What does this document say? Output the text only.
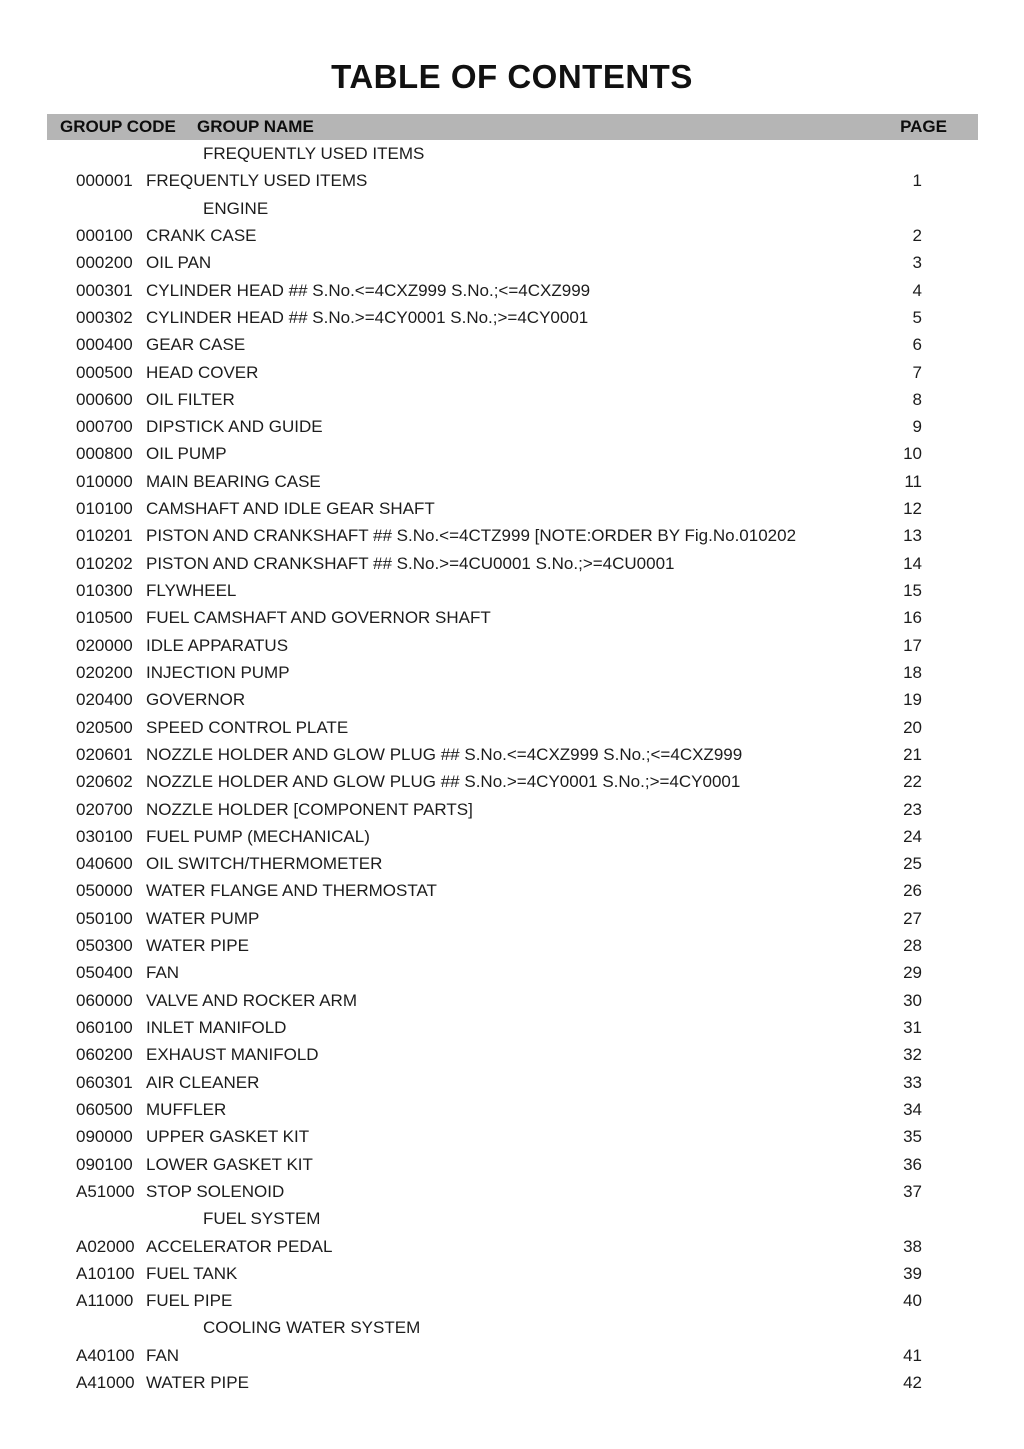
TABLE OF CONTENTS
GROUP CODE GROUP NAME	PAGE
FREQUENTLY USED ITEMS
000001 FREQUENTLY USED ITEMS	1
ENGINE
000100 CRANK CASE	2
000200 OIL PAN	3
000301 CYLINDER HEAD ## S.No.<=4CXZ999 S.No.;<=4CXZ999	4
000302 CYLINDER HEAD ## S.No.>=4CY0001 S.No.;>=4CY0001	5
000400 GEAR CASE	6
000500 HEAD COVER	7
000600 OIL FILTER	8
000700 DIPSTICK AND GUIDE	9
000800 OIL PUMP	10
010000 MAIN BEARING CASE	11
010100 CAMSHAFT AND IDLE GEAR SHAFT	12
010201 PISTON AND CRANKSHAFT ## S.No.<=4CTZ999 [NOTE:ORDER BY Fig.No.010202	13
010202 PISTON AND CRANKSHAFT ## S.No.>=4CU0001 S.No.;>=4CU0001	14
010300 FLYWHEEL	15
010500 FUEL CAMSHAFT AND GOVERNOR SHAFT	16
020000 IDLE APPARATUS	17
020200 INJECTION PUMP	18
020400 GOVERNOR	19
020500 SPEED CONTROL PLATE	20
020601 NOZZLE HOLDER AND GLOW PLUG ## S.No.<=4CXZ999 S.No.;<=4CXZ999	21
020602 NOZZLE HOLDER AND GLOW PLUG ## S.No.>=4CY0001 S.No.;>=4CY0001	22
020700 NOZZLE HOLDER [COMPONENT PARTS]	23
030100 FUEL PUMP (MECHANICAL)	24
040600 OIL SWITCH/THERMOMETER	25
050000 WATER FLANGE AND THERMOSTAT	26
050100 WATER PUMP	27
050300 WATER PIPE	28
050400 FAN	29
060000 VALVE AND ROCKER ARM	30
060100 INLET MANIFOLD	31
060200 EXHAUST MANIFOLD	32
060301 AIR CLEANER	33
060500 MUFFLER	34
090000 UPPER GASKET KIT	35
090100 LOWER GASKET KIT	36
A51000 STOP SOLENOID	37
FUEL SYSTEM
A02000 ACCELERATOR PEDAL	38
A10100 FUEL TANK	39
A11000 FUEL PIPE	40
COOLING WATER SYSTEM
A40100 FAN	41
A41000 WATER PIPE	42
